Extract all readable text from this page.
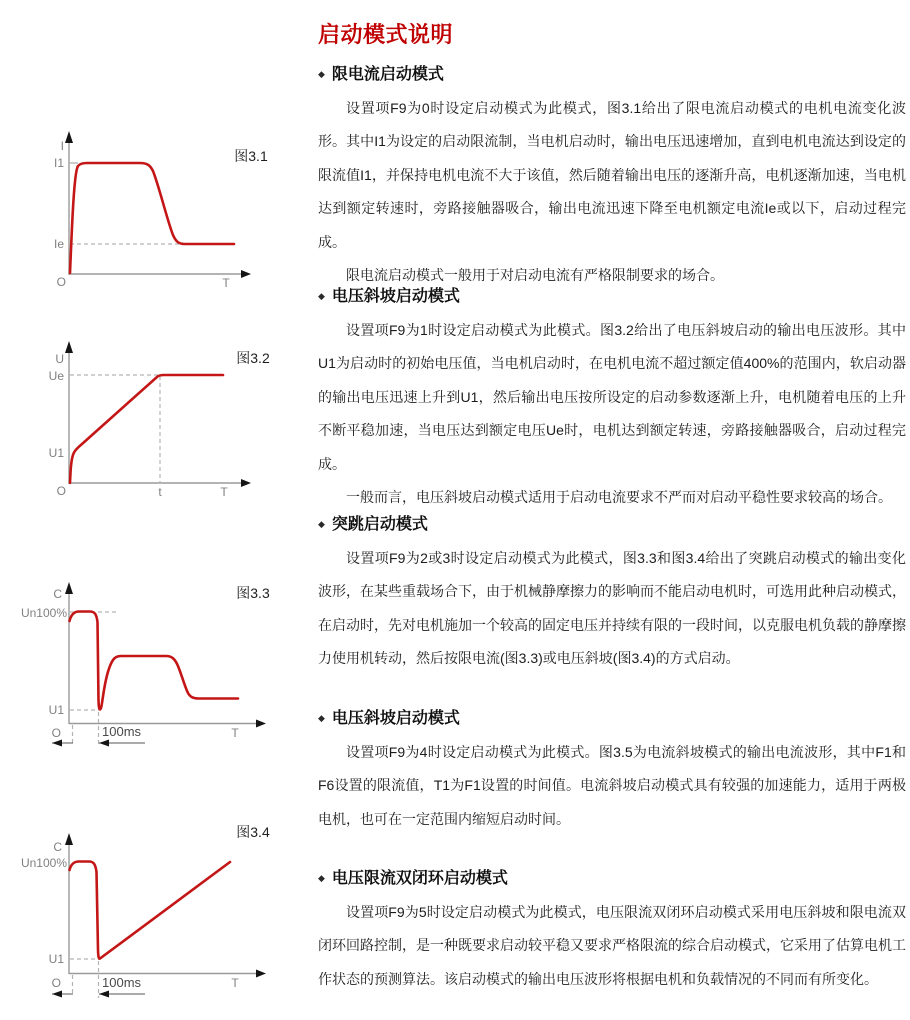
I
I1
Ie
O	T
图3.1
U
Ue
U1
O	t	T
图3.2
C
Un100%
U1
O	T
100ms
图3.3
C
Un100%
U1
O	T
100ms
图3.4
启动模式说明
◆ 限电流启动模式

设置项F9为0时设定启动模式为此模式，图3.1给出了限电流启动模式的电机电流变化波形。其中I1为设定的启动限流制，当电机启动时，输出电压迅速增加，直到电机电流达到设定的限流值I1，并保持电机电流不大于该值，然后随着输出电压的逐渐升高，电机逐渐加速，当电机达到额定转速时，旁路接触器吸合，输出电流迅速下降至电机额定电流Ie或以下，启动过程完成。

限电流启动模式一般用于对启动电流有严格限制要求的场合。

◆ 电压斜坡启动模式

设置项F9为1时设定启动模式为此模式。图3.2给出了电压斜坡启动的输出电压波形。其中U1为启动时的初始电压值，当电机启动时，在电机电流不超过额定值400%的范围内，软启动器的输出电压迅速上升到U1，然后输出电压按所设定的启动参数逐渐上升，电机随着电压的上升不断平稳加速，当电压达到额定电压Ue时，电机达到额定转速，旁路接触器吸合，启动过程完成。

一般而言，电压斜坡启动模式适用于启动电流要求不严而对启动平稳性要求较高的场合。

◆ 突跳启动模式

设置项F9为2或3时设定启动模式为此模式，图3.3和图3.4给出了突跳启动模式的输出变化波形，在某些重载场合下，由于机械静摩擦力的影响而不能启动电机时，可选用此种启动模式，在启动时，先对电机施加一个较高的固定电压并持续有限的一段时间，以克服电机负载的静摩擦力使用机转动，然后按限电流(图3.3)或电压斜坡(图3.4)的方式启动。

◆ 电压斜坡启动模式

设置项F9为4时设定启动模式为此模式。图3.5为电流斜坡模式的输出电流波形，其中F1和F6设置的限流值，T1为F1设置的时间值。电流斜坡启动模式具有较强的加速能力，适用于两极电机，也可在一定范围内缩短启动时间。

◆ 电压限流双闭环启动模式

设置项F9为5时设定启动模式为此模式，电压限流双闭环启动模式采用电压斜坡和限电流双闭环回路控制，是一种既要求启动较平稳又要求严格限流的综合启动模式，它采用了估算电机工作状态的预测算法。该启动模式的输出电压波形将根据电机和负载情况的不同而有所变化。
